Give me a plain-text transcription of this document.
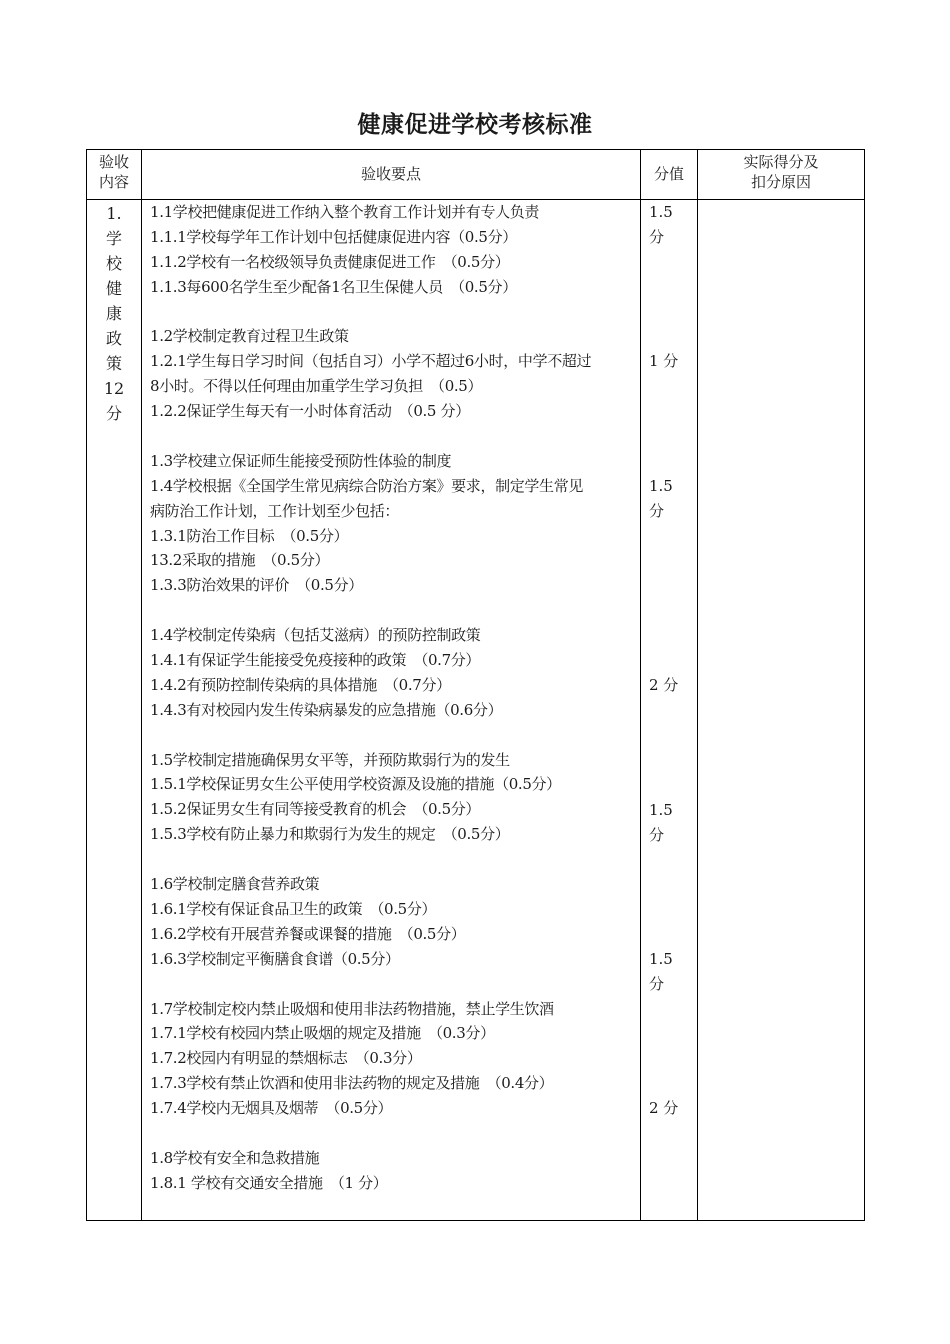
健康促进学校考核标准
验收
内容	验收要点	分值
实际得分及
扣分原因
1.
学
校
健
康
政
策
12
分
1.1学校把健康促进工作纳入整个教育工作计划并有专人负责
1.1.1学校每学年工作计划中包括健康促进内容（0.5分）
1.1.2学校有一名校级领导负责健康促进工作　（0.5分）
1.1.3每600名学生至少配备1名卫生保健人员　（0.5分）
1.2学校制定教育过程卫生政策
1.2.1学生每日学习时间（包括自习）小学不超过6小时，中学不超过
8小时。不得以任何理由加重学生学习负担　（0.5）
1.2.2保证学生每天有一小时体育活动　（0.5 分）
1.3学校建立保证师生能接受预防性体验的制度
1.4学校根据《全国学生常见病综合防治方案》要求，制定学生常见
病防治工作计划，工作计划至少包括：
1.3.1防治工作目标　（0.5分）
13.2采取的措施　（0.5分）
1.3.3防治效果的评价　（0.5分）
1.4学校制定传染病（包括艾滋病）的预防控制政策
1.4.1有保证学生能接受免疫接种的政策　（0.7分）
1.4.2有预防控制传染病的具体措施　（0.7分）
1.4.3有对校园内发生传染病暴发的应急措施（0.6分）
1.5学校制定措施确保男女平等，并预防欺弱行为的发生
1.5.1学校保证男女生公平使用学校资源及设施的措施（0.5分）
1.5.2保证男女生有同等接受教育的机会　（0.5分）
1.5.3学校有防止暴力和欺弱行为发生的规定　（0.5分）
1.6学校制定膳食营养政策
1.6.1学校有保证食品卫生的政策　（0.5分）
1.6.2学校有开展营养餐或课餐的措施　（0.5分）
1.6.3学校制定平衡膳食食谱（0.5分）
1.7学校制定校内禁止吸烟和使用非法药物措施，禁止学生饮酒
1.7.1学校有校园内禁止吸烟的规定及措施　（0.3分）
1.7.2校园内有明显的禁烟标志　（0.3分）
1.7.3学校有禁止饮酒和使用非法药物的规定及措施　（0.4分）
1.7.4学校内无烟具及烟蒂　（0.5分）
1.8学校有安全和急救措施
1.8.1 学校有交通安全措施　（1 分）
1.5
分
1 分
1.5
分
2 分
1.5
分
1.5
分
2 分
